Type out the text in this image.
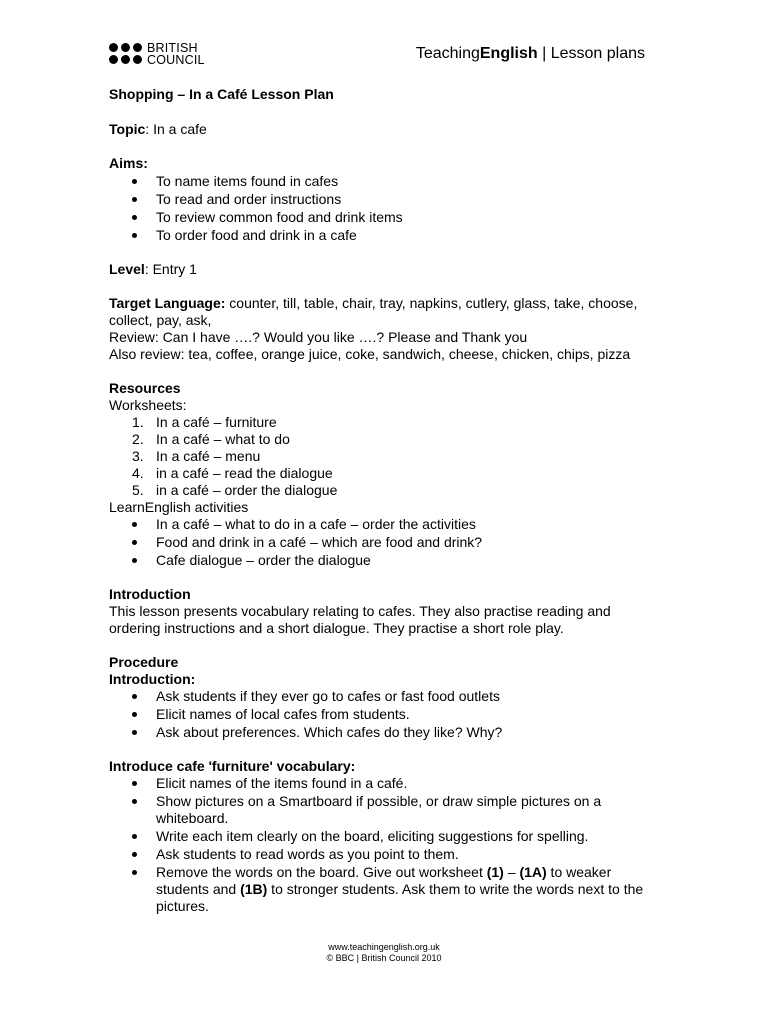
BRITISH
COUNCIL	TeachingEnglish | Lesson plans

Shopping – In a Café Lesson Plan

Topic: In a cafe

Aims:

To name items found in cafes
To read and order instructions
To review common food and drink items
To order food and drink in a cafe

Level: Entry 1

Target Language: counter, till, table, chair, tray, napkins, cutlery, glass, take, choose, collect, pay, ask,

Review: Can I have ….? Would you like ….? Please and Thank you

Also review: tea, coffee, orange juice, coke, sandwich, cheese, chicken, chips, pizza

Resources

Worksheets:

1. In a café – furniture
2. In a café – what to do
3. In a café – menu
4. in a café – read the dialogue
5. in a café – order the dialogue

LearnEnglish activities

In a café – what to do in a cafe – order the activities
Food and drink in a café – which are food and drink?
Cafe dialogue – order the dialogue

Introduction

This lesson presents vocabulary relating to cafes. They also practise reading and ordering instructions and a short dialogue. They practise a short role play.

Procedure

Introduction:

Ask students if they ever go to cafes or fast food outlets
Elicit names of local cafes from students.
Ask about preferences. Which cafes do they like? Why?

Introduce cafe 'furniture' vocabulary:

Elicit names of the items found in a café.
Show pictures on a Smartboard if possible, or draw simple pictures on a whiteboard.
Write each item clearly on the board, eliciting suggestions for spelling.
Ask students to read words as you point to them.
Remove the words on the board. Give out worksheet (1) – (1A) to weaker students and (1B) to stronger students. Ask them to write the words next to the pictures.
www.teachingenglish.org.uk
© BBC | British Council 2010
